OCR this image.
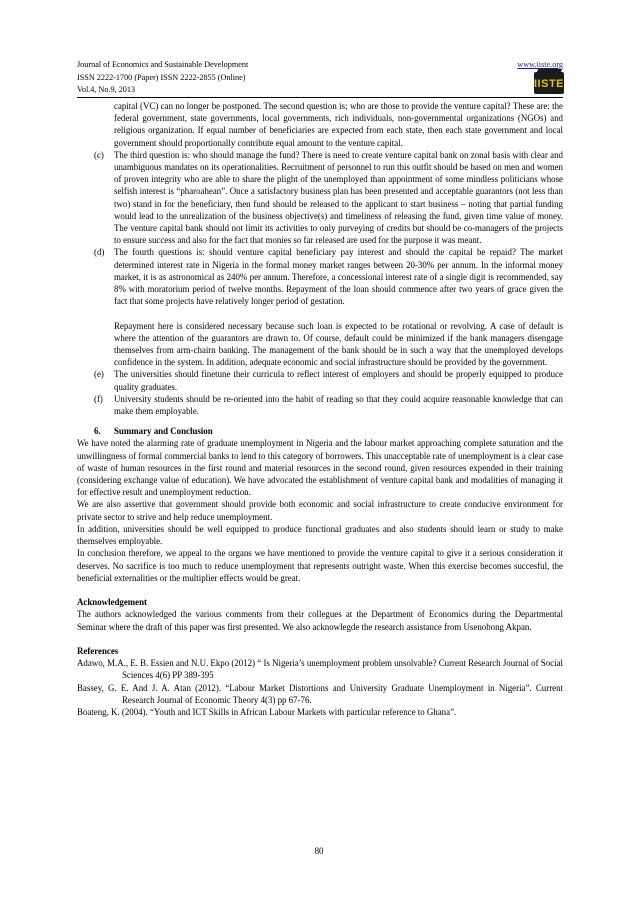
Journal of Economics and Sustainable Development
ISSN 2222-1700 (Paper) ISSN 2222-2855 (Online)
Vol.4, No.9, 2013
www.iiste.org
IISTE

capital (VC) can no longer be postponed. The second question is; who are those to provide the venture capital? These are: the federal government, state governments, local governments, rich individuals, non-governmental organizations (NGOs) and religious organization. If equal number of beneficiaries are expected from each state, then each state government and local government should proportionally contribute equal amount to the venture capital.

(c) The third question is: who should manage the fund? There is need to create venture capital bank on zonal basis with clear and unambiguous mandates on its operationalities. Recruitment of personnel to run this outfit should be based on men and women of proven integrity who are able to share the plight of the unemployed than appointment of some mindless politicians whose selfish interest is “pharoahean”. Once a satisfactory business plan has been presented and acceptable guarantors (not less than two) stand in for the beneficiary, then fund should be released to the applicant to start business – noting that partial funding would lead to the unrealization of the business objective(s) and timeliness of releasing the fund, given time value of money. The venture capital bank should not limit its activities to only purveying of credits but should be co-managers of the projects to ensure success and also for the fact that monies so far released are used for the purpose it was meant.
(d) The fourth questions is: should venture capital beneficiary pay interest and should the capital be repaid? The market determined interest rate in Nigeria in the formal money market ranges between 20-30% per annum. In the informal money market, it is as astronomical as 240% per annum. Therefore, a concessional interest rate of a single digit is recommended, say 8% with moratorium period of twelve months. Repayment of the loan should commence after two years of grace given the fact that some projects have relatively longer period of gestation.

Repayment here is considered necessary because such loan is expected to be rotational or revolving. A case of default is where the attention of the guarantors are drawn to. Of course, default could be minimized if the bank managers disengage themselves from arm-chairn banking. The management of the bank should be in such a way that the unemployed develops confidence in the system. In addition, adequate economic and social infrastructure should be provided by the government.

(e) The universities should finetune their curricula to reflect interest of employers and should be properly equipped to produce quality graduates.
(f) University students should be re-oriented into the habit of reading so that they could acquire reasonable knowledge that can make them employable.
6. Summary and Conclusion

We have noted the alarming rate of graduate unemployment in Nigeria and the labour market approaching complete saturation and the unwillingness of formal commercial banks to lend to this category of borrowers. This unacceptable rate of unemployment is a clear case of waste of human resources in the first round and material resources in the second round, given resources expended in their training (considering exchange value of education). We have advocated the establishment of venture capital bank and modalities of managing it for effective result and unemployment reduction.

We are also assertive that government should provide both economic and social infrastructure to create conducive environment for private sector to strive and help reduce unemployment.

In addition, universities should be well equipped to produce functional graduates and also students should learn or study to make themselves employable.

In conclusion therefore, we appeal to the organs we have mentioned to provide the venture capital to give it a serious consideration it deserves. No sacrifice is too much to reduce unemployment that represents outright waste. When this exercise becomes succesful, the beneficial externalities or the multiplier effects would be great.

Acknowledgement

The authors acknowledged the various comments from their collegues at the Department of Economics during the Departmental Seminar where the draft of this paper was first presented. We also acknowlegde the research assistance from Usenobong Akpan.

References

Adawo, M.A., E. B. Essien and N.U. Ekpo (2012) “ Is Nigeria’s unemployment problem unsolvable? Current Research Journal of Social Sciences 4(6) PP 389-395

Bassey, G. E. And J. A. Atan (2012). “Labour Market Distortions and University Graduate Unemployment in Nigeria”. Current Research Journal of Economic Theory 4(3) pp 67-76.

Boateng, K. (2004). “Youth and ICT Skills in African Labour Markets with particular reference to Ghana”.

80
